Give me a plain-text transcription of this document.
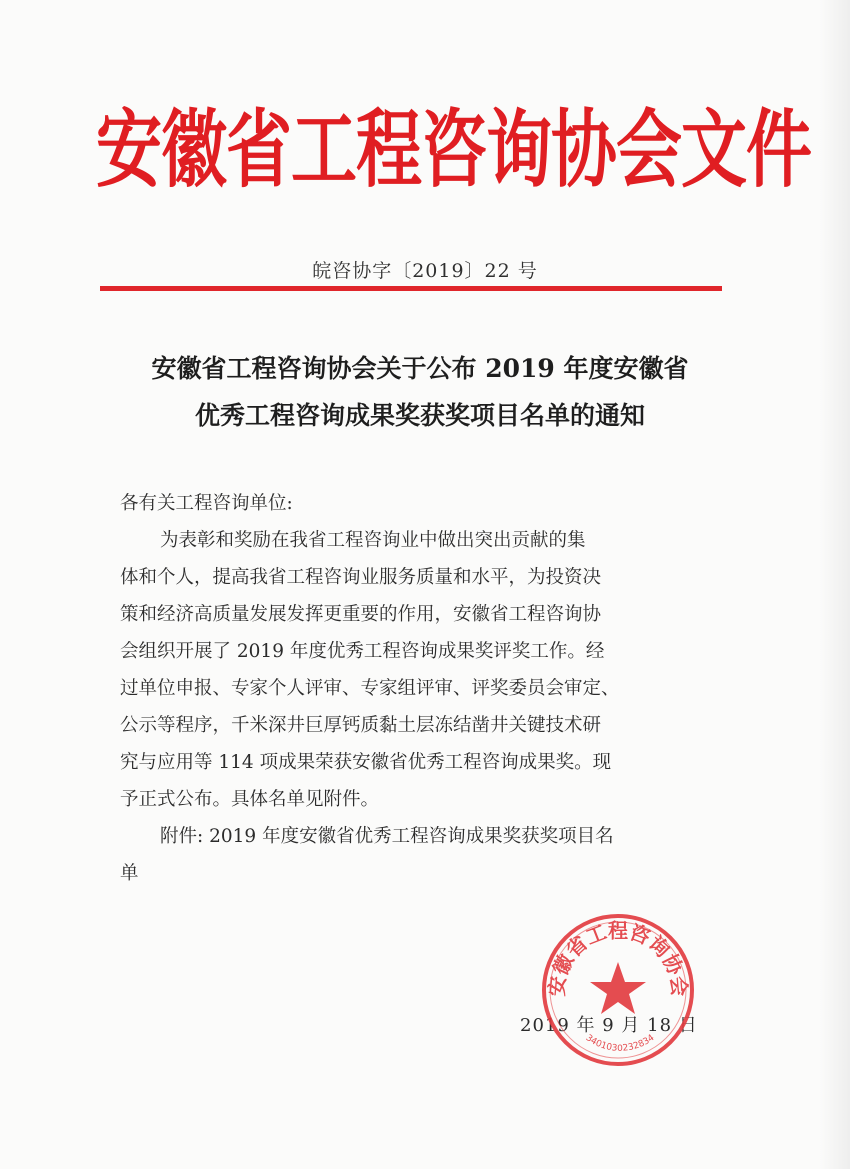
安徽省工程咨询协会文件
皖咨协字〔2019〕22 号
安徽省工程咨询协会关于公布 2019 年度安徽省
优秀工程咨询成果奖获奖项目名单的通知
各有关工程咨询单位:
为表彰和奖励在我省工程咨询业中做出突出贡献的集
体和个人，提高我省工程咨询业服务质量和水平，为投资决
策和经济高质量发展发挥更重要的作用，安徽省工程咨询协
会组织开展了 2019 年度优秀工程咨询成果奖评奖工作。经
过单位申报、专家个人评审、专家组评审、评奖委员会审定、
公示等程序，千米深井巨厚钙质黏土层冻结凿井关键技术研
究与应用等 114 项成果荣获安徽省优秀工程咨询成果奖。现
予正式公布。具体名单见附件。
附件: 2019 年度安徽省优秀工程咨询成果奖获奖项目名
单
2019 年 9 月 18 日
安徽省工程咨询协会
3401030232834
